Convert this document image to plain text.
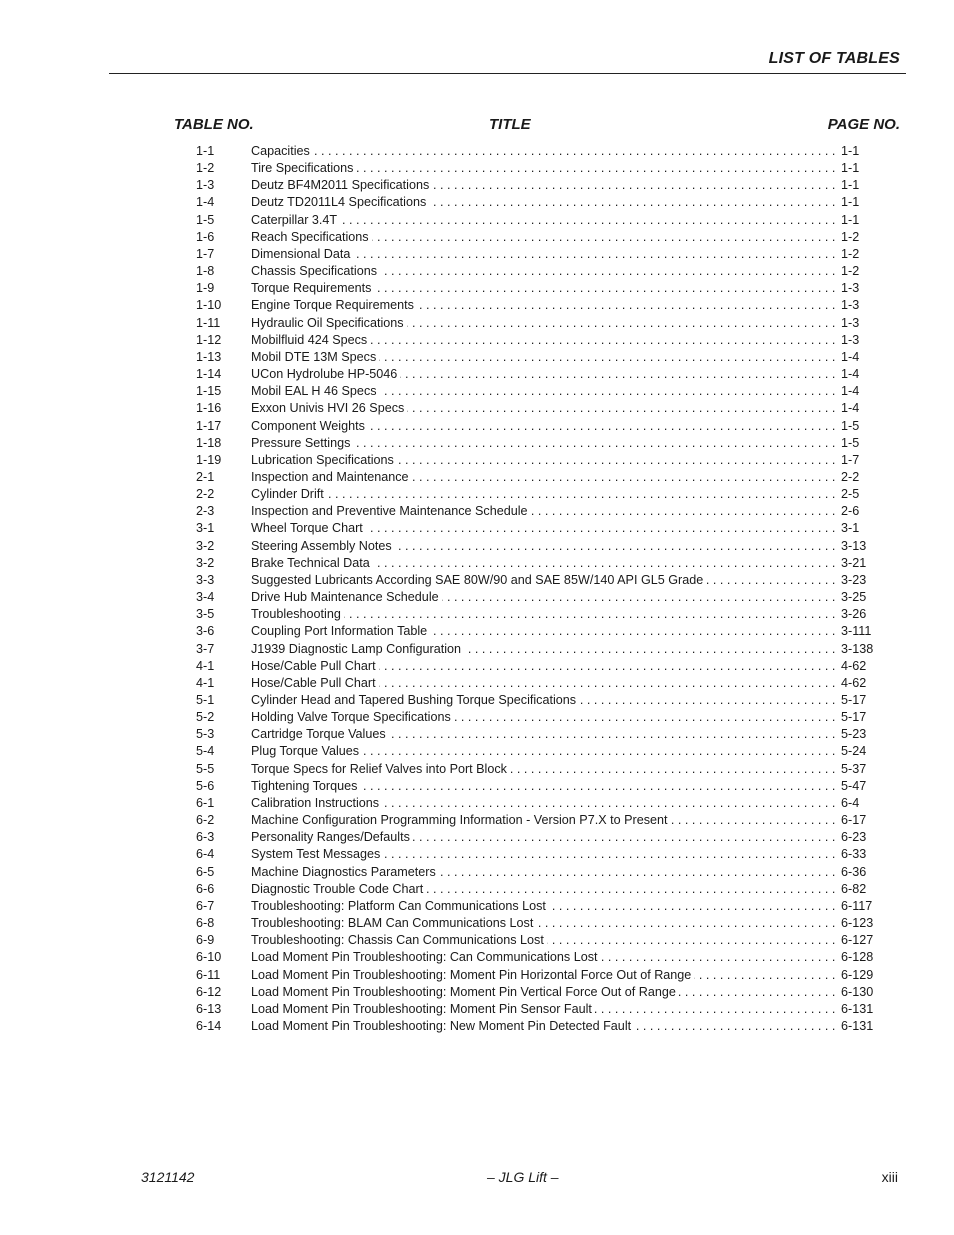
LIST OF TABLES
TABLE NO.	TITLE	PAGE NO.
1-1	Capacities . . .	1-1
1-2	Tire Specifications . . .	1-1
1-3	Deutz BF4M2011 Specifications . . .	1-1
1-4	Deutz TD2011L4 Specifications . . .	1-1
1-5	Caterpillar 3.4T . . .	1-1
1-6	Reach Specifications . . .	1-2
1-7	Dimensional Data . . .	1-2
1-8	Chassis Specifications . . .	1-2
1-9	Torque Requirements . . .	1-3
1-10 Engine Torque Requirements . . .	1-3
1-11 Hydraulic Oil Specifications . . .	1-3
1-12 Mobilfluid 424 Specs . . .	1-3
1-13 Mobil DTE 13M Specs . . .	1-4
1-14 UCon Hydrolube HP-5046 . . .	1-4
1-15 Mobil EAL H 46 Specs . . .	1-4
1-16 Exxon Univis HVI 26 Specs . . .	1-4
1-17 Component Weights . . .	1-5
1-18 Pressure Settings . . .	1-5
1-19 Lubrication Specifications . . .	1-7
2-1	Inspection and Maintenance . . .	2-2
2-2	Cylinder Drift . . .	2-5
2-3	Inspection and Preventive Maintenance Schedule . . .	2-6
3-1	Wheel Torque Chart . . .	3-1
3-2	Steering Assembly Notes . . .	3-13
3-2	Brake Technical Data . . .	3-21
3-3	Suggested Lubricants According SAE 80W/90 and SAE 85W/140 API GL5 Grade . . .	3-23
3-4	Drive Hub Maintenance Schedule . . .	3-25
3-5	Troubleshooting . . .	3-26
3-6	Coupling Port Information Table . . .	3-111
3-7	J1939 Diagnostic Lamp Configuration . . .	3-138
4-1	Hose/Cable Pull Chart . . .	4-62
4-1	Hose/Cable Pull Chart . . .	4-62
5-1	Cylinder Head and Tapered Bushing Torque Specifications . . .	5-17
5-2	Holding Valve Torque Specifications . . .	5-17
5-3	Cartridge Torque Values . . .	5-23
5-4	Plug Torque Values . . .	5-24
5-5	Torque Specs for Relief Valves into Port Block . . .	5-37
5-6	Tightening Torques . . .	5-47
6-1	Calibration Instructions . . .	6-4
6-2	Machine Configuration Programming Information - Version P7.X to Present . . .	6-17
6-3	Personality Ranges/Defaults . . .	6-23
6-4	System Test Messages . . .	6-33
6-5	Machine Diagnostics Parameters . . .	6-36
6-6	Diagnostic Trouble Code Chart . . .	6-82
6-7	Troubleshooting: Platform Can Communications Lost . . .	6-117
6-8	Troubleshooting: BLAM Can Communications Lost . . .	6-123
6-9	Troubleshooting: Chassis Can Communications Lost . . .	6-127
6-10 Load Moment Pin Troubleshooting: Can Communications Lost . . .	6-128
6-11 Load Moment Pin Troubleshooting: Moment Pin Horizontal Force Out of Range . . .	6-129
6-12 Load Moment Pin Troubleshooting: Moment Pin Vertical Force Out of Range . . .	6-130
6-13 Load Moment Pin Troubleshooting: Moment Pin Sensor Fault . . .	6-131
6-14 Load Moment Pin Troubleshooting: New Moment Pin Detected Fault . . .	6-131
3121142	– JLG Lift –	xiii
